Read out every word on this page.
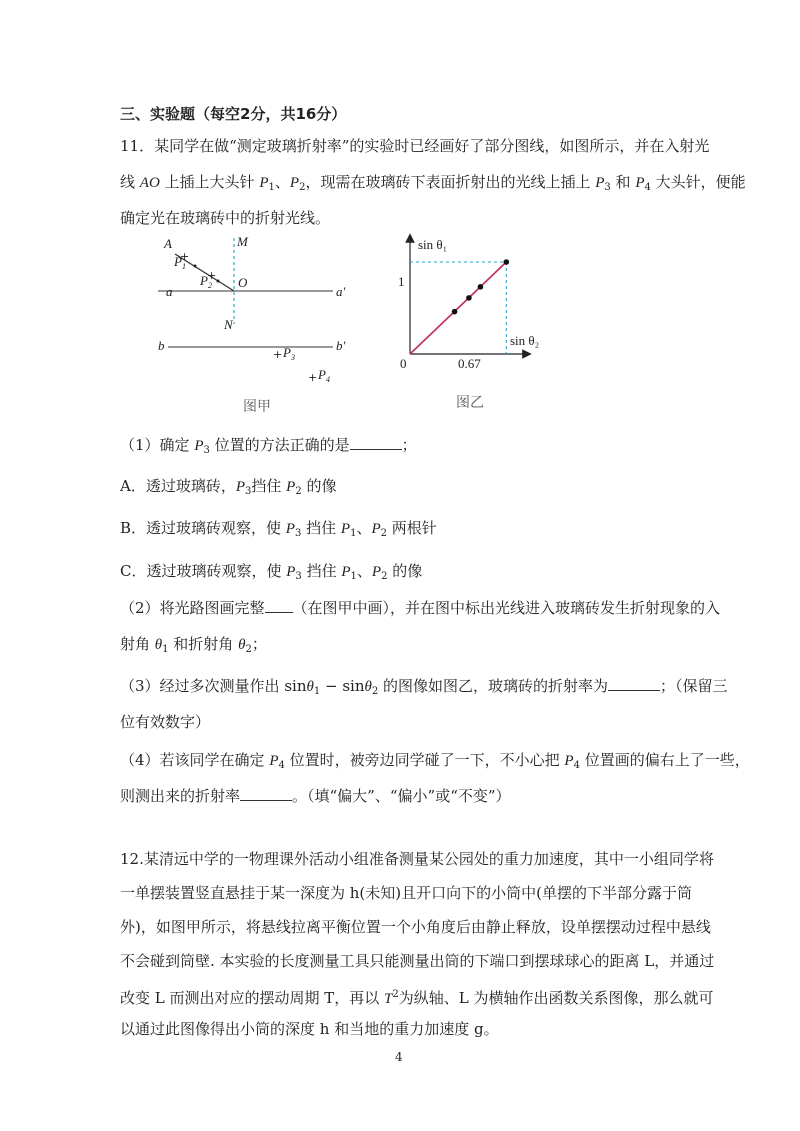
三、实验题（每空2分，共16分）
11．某同学在做“测定玻璃折射率”的实验时已经画好了部分图线，如图所示，并在入射光
线 AO 上插上大头针 $P_1$、$P_2$，现需在玻璃砖下表面折射出的光线上插上 $P_3$ 和 $P_4$ 大头针，便能
确定光在玻璃砖中的折射光线。
A	M
$P_1$
$P_2$ O
a	a′
N
b	b′
$P_3$
$P_4$
+
+
+
+
图甲
sin θ₁
sin θ₂
0
1
0.67
图乙
（1）确定 $P_3$ 位置的方法正确的是	；
A．透过玻璃砖，$P_3$挡住 $P_2$ 的像
B．透过玻璃砖观察，使 $P_3$ 挡住 $P_1$、$P_2$ 两根针
C．透过玻璃砖观察，使 $P_3$ 挡住 $P_1$、$P_2$ 的像
（2）将光路图画完整 （在图甲中画），并在图中标出光线进入玻璃砖发生折射现象的入
射角 $\theta_1$ 和折射角 $\theta_2$；
（3）经过多次测量作出 sinθ$_1$ − sinθ$_2$ 的图像如图乙，玻璃砖的折射率为	；（保留三
位有效数字）
（4）若该同学在确定 $P_4$ 位置时，被旁边同学碰了一下，不小心把 $P_4$ 位置画的偏右上了一些，
则测出来的折射率	。（填“偏大”、“偏小”或“不变”）
12.某清远中学的一物理课外活动小组准备测量某公园处的重力加速度，其中一小组同学将
一单摆装置竖直悬挂于某一深度为 h(未知)且开口向下的小筒中(单摆的下半部分露于筒
外)，如图甲所示，将悬线拉离平衡位置一个小角度后由静止释放，设单摆摆动过程中悬线
不会碰到筒壁. 本实验的长度测量工具只能测量出筒的下端口到摆球球心的距离 L，并通过
改变 L 而测出对应的摆动周期 T，再以 $T^2$为纵轴、L 为横轴作出函数关系图像，那么就可
以通过此图像得出小筒的深度 h 和当地的重力加速度 g。
4
